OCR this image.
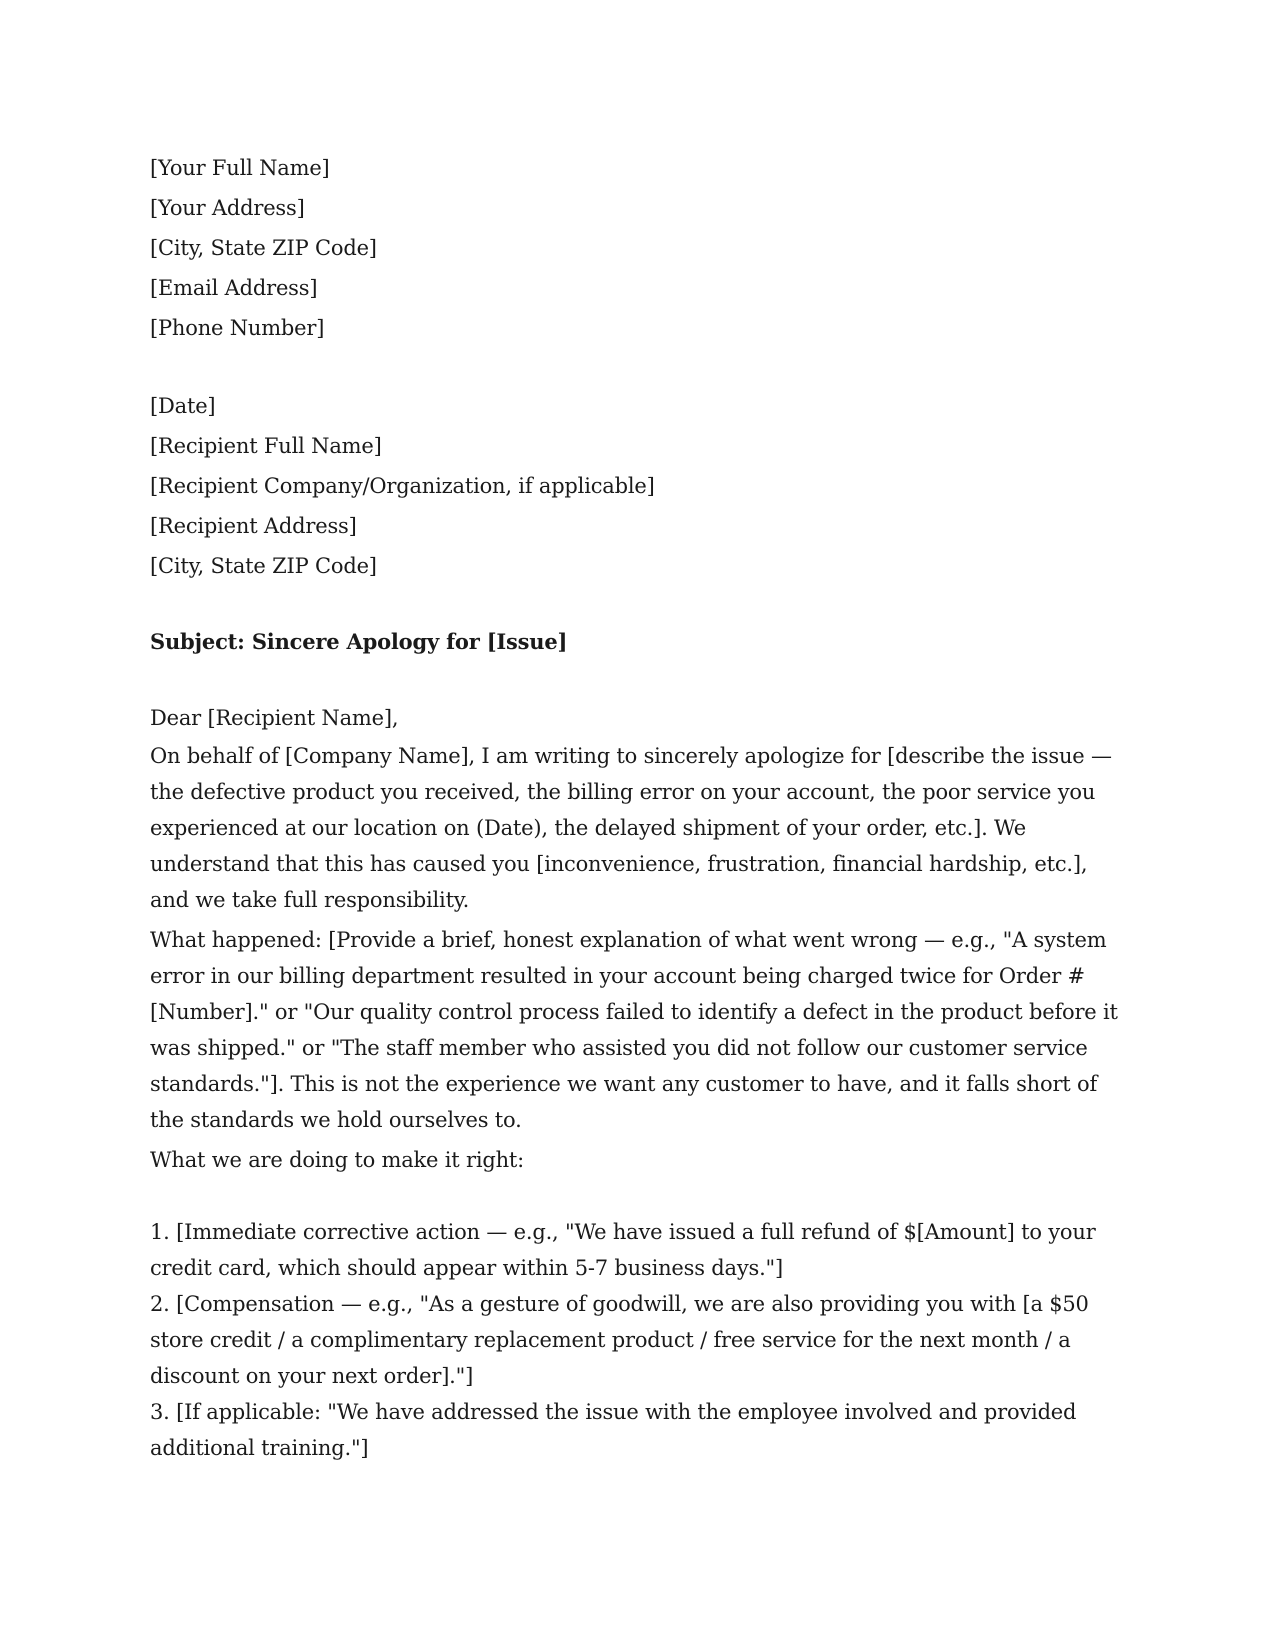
[Your Full Name]
[Your Address]
[City, State ZIP Code]
[Email Address]
[Phone Number]
[Date]
[Recipient Full Name]
[Recipient Company/Organization, if applicable]
[Recipient Address]
[City, State ZIP Code]
Subject: Sincere Apology for [Issue]
Dear [Recipient Name],

On behalf of [Company Name], I am writing to sincerely apologize for [describe the issue — the defective product you received, the billing error on your account, the poor service you experienced at our location on (Date), the delayed shipment of your order, etc.]. We understand that this has caused you [inconvenience, frustration, financial hardship, etc.], and we take full responsibility.

What happened: [Provide a brief, honest explanation of what went wrong — e.g., "A system error in our billing department resulted in your account being charged twice for Order #[Number]." or "Our quality control process failed to identify a defect in the product before it was shipped." or "The staff member who assisted you did not follow our customer service standards."]. This is not the experience we want any customer to have, and it falls short of the standards we hold ourselves to.

What we are doing to make it right:

1. [Immediate corrective action — e.g., "We have issued a full refund of $[Amount] to your credit card, which should appear within 5-7 business days."]

2. [Compensation — e.g., "As a gesture of goodwill, we are also providing you with [a $50 store credit / a complimentary replacement product / free service for the next month / a discount on your next order]."]

3. [If applicable: "We have addressed the issue with the employee involved and provided additional training."]
